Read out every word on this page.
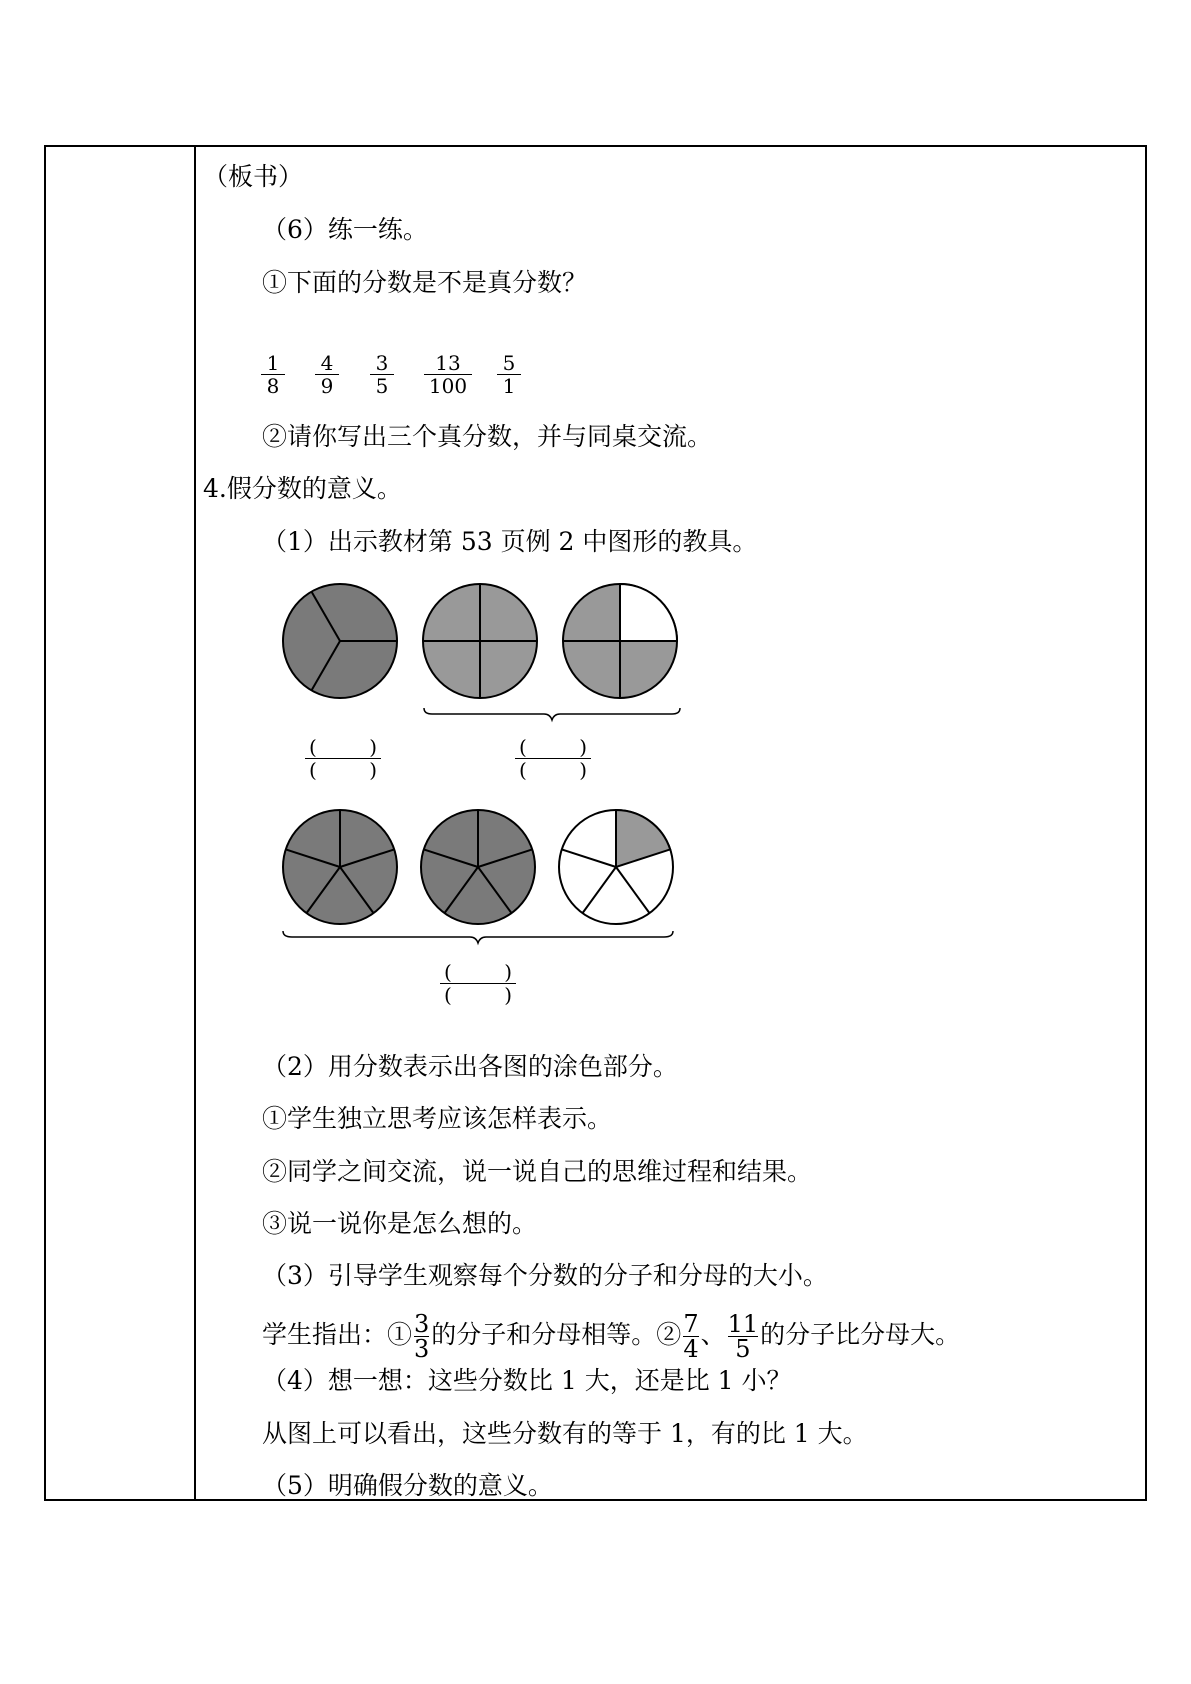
（板书）
（6）练一练。
①下面的分数是不是真分数？
1
8
4
9
3
5
13
100
5
1
②请你写出三个真分数，并与同桌交流。
4.假分数的意义。
（1）出示教材第 53 页例 2 中图形的教具。
(	)
(	)
(	)
(	)
(	)
(	)
（2）用分数表示出各图的涂色部分。
①学生独立思考应该怎样表示。
②同学之间交流，说一说自己的思维过程和结果。
③说一说你是怎么想的。
（3）引导学生观察每个分数的分子和分母的大小。
学生指出：① $\frac{3}{3}$ 的分子和分母相等。② $\frac{7}{4}$ 、 $\frac{11}{5}$ 的分子比分母大。
（4）想一想：这些分数比 1 大，还是比 1 小？
从图上可以看出，这些分数有的等于 1，有的比 1 大。
（5）明确假分数的意义。
